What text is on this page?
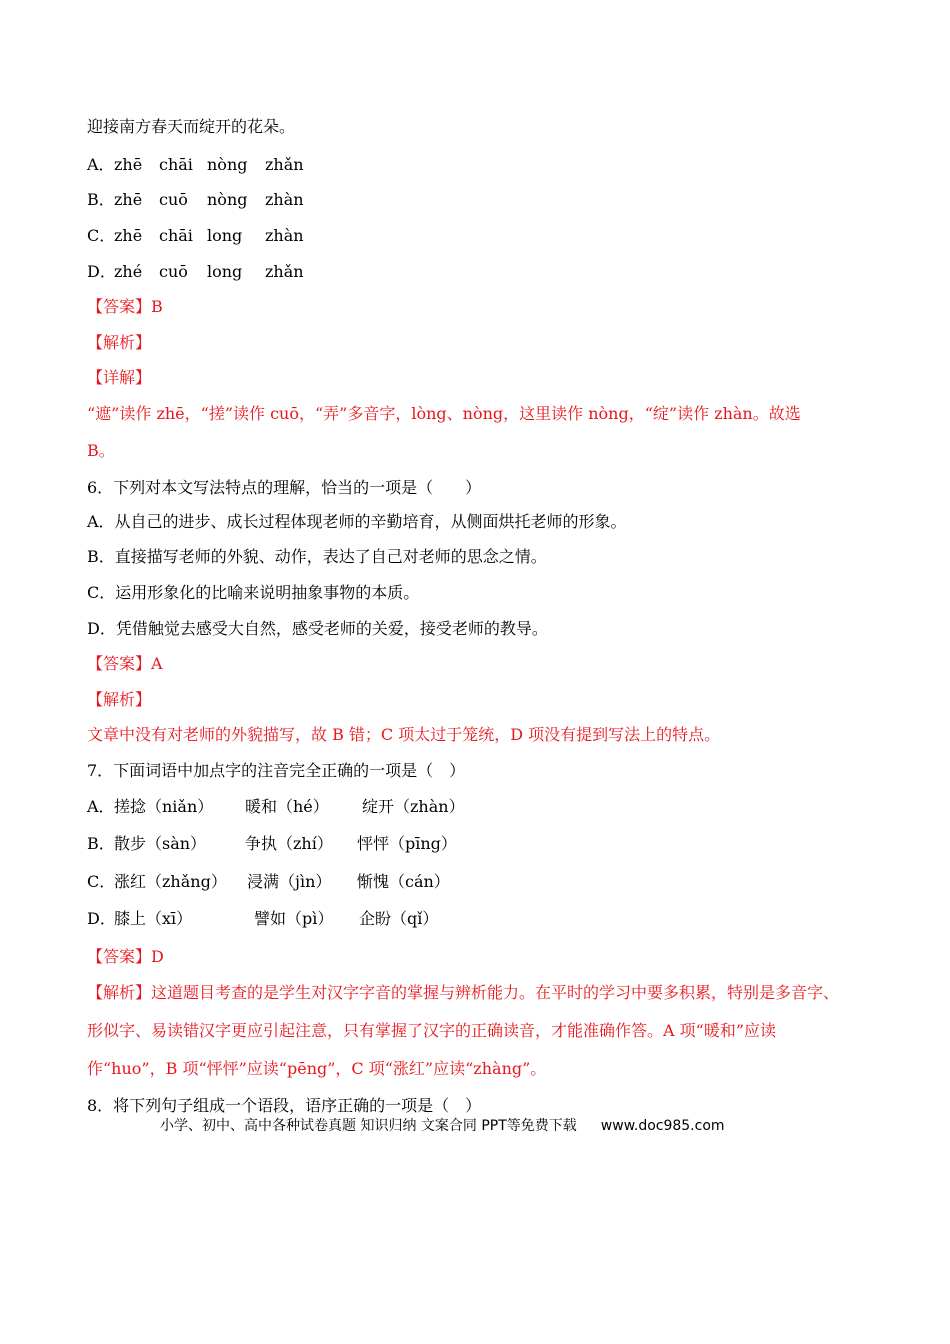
迎接南方春天而绽开的花朵。
A．zhē chāi nòng zhǎn
B．zhē cuō nòng zhàn
C．zhē chāi long zhàn
D．zhé cuō long zhǎn
【答案】B
【解析】
【详解】
“遮”读作 zhē，“搓”读作 cuō，“弄”多音字，lòng、nòng，这里读作 nòng，“绽”读作 zhàn。故选
B。
6．下列对本文写法特点的理解，恰当的一项是（　　）
A．从自己的进步、成长过程体现老师的辛勤培育，从侧面烘托老师的形象。
B．直接描写老师的外貌、动作，表达了自己对老师的思念之情。
C．运用形象化的比喻来说明抽象事物的本质。
D．凭借触觉去感受大自然，感受老师的关爱，接受老师的教导。
【答案】A
【解析】
文章中没有对老师的外貌描写，故 B 错；C 项太过于笼统，D 项没有提到写法上的特点。
7．下面词语中加点字的注音完全正确的一项是（　）
A．搓捻（niǎn） 暖和（hé） 绽开（zhàn）
B．散步（sàn） 争执（zhí） 怦怦（pīng）
C．涨红（zhǎng） 浸满（jìn） 惭愧（cán）
D．膝上（xī）	譬如（pì） 企盼（qǐ）
【答案】D
【解析】这道题目考查的是学生对汉字字音的掌握与辨析能力。在平时的学习中要多积累，特别是多音字、
形似字、易读错汉字更应引起注意，只有掌握了汉字的正确读音，才能准确作答。A 项“暖和”应读
作“huo”，B 项“怦怦”应读“pēng”，C 项“涨红”应读“zhàng”。
8．将下列句子组成一个语段，语序正确的一项是（　）
小学、初中、高中各种试卷真题 知识归纳 文案合同 PPT等免费下载 www.doc985.com
